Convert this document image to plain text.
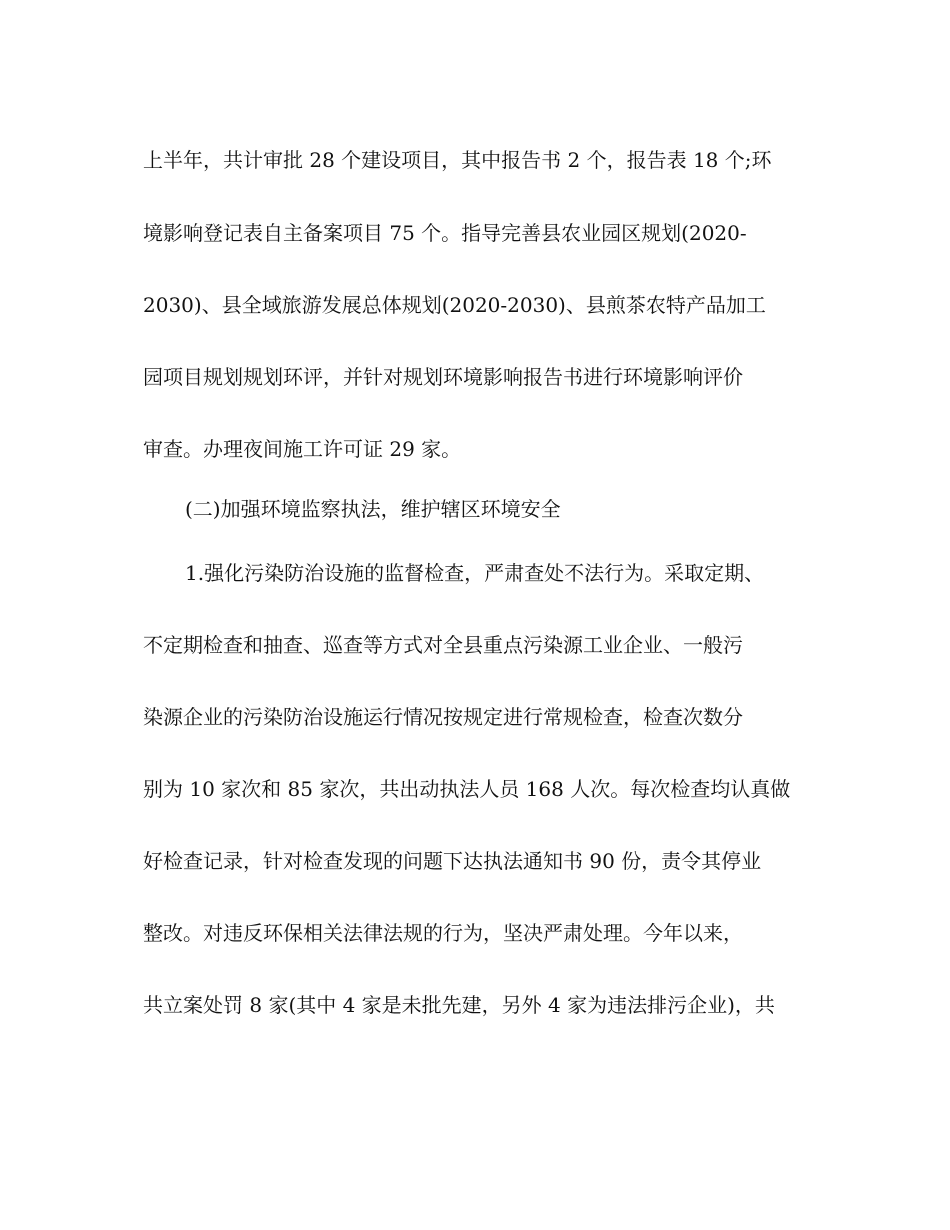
上半年，共计审批 28 个建设项目，其中报告书 2 个，报告表 18 个;环
境影响登记表自主备案项目 75 个。指导完善县农业园区规划(2020-
2030)、县全域旅游发展总体规划(2020-2030)、县煎茶农特产品加工
园项目规划规划环评，并针对规划环境影响报告书进行环境影响评价
审查。办理夜间施工许可证 29 家。
(二)加强环境监察执法，维护辖区环境安全
1.强化污染防治设施的监督检查，严肃查处不法行为。采取定期、
不定期检查和抽查、巡查等方式对全县重点污染源工业企业、一般污
染源企业的污染防治设施运行情况按规定进行常规检查，检查次数分
别为 10 家次和 85 家次，共出动执法人员 168 人次。每次检查均认真做
好检查记录，针对检查发现的问题下达执法通知书 90 份，责令其停业
整改。对违反环保相关法律法规的行为，坚决严肃处理。今年以来，
共立案处罚 8 家(其中 4 家是未批先建，另外 4 家为违法排污企业)，共
